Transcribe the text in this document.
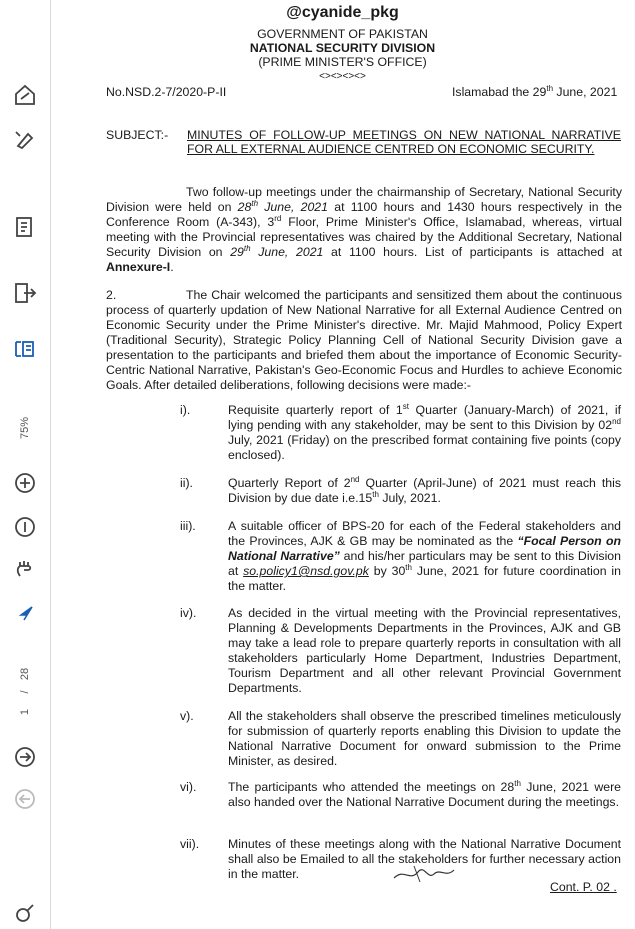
75%
28
/
1
@cyanide_pkg
GOVERNMENT OF PAKISTAN
NATIONAL SECURITY DIVISION
(PRIME MINISTER'S OFFICE)
<><><><>
No.NSD.2-7/2020-P-II	Islamabad the 29th June, 2021
SUBJECT:- MINUTES OF FOLLOW-UP MEETINGS ON NEW NATIONAL NARRATIVE
FOR ALL EXTERNAL AUDIENCE CENTRED ON ECONOMIC SECURITY.
Two follow-up meetings under the chairmanship of Secretary, National Security Division were held on 28th June, 2021 at 1100 hours and 1430 hours respectively in the Conference Room (A-343), 3rd Floor, Prime Minister's Office, Islamabad, whereas, virtual meeting with the Provincial representatives was chaired by the Additional Secretary, National Security Division on 29th June, 2021 at 1100 hours. List of participants is attached at Annexure-I.
2.	The Chair welcomed the participants and sensitized them about the continuous process of quarterly updation of New National Narrative for all External Audience Centred on Economic Security under the Prime Minister's directive. Mr. Majid Mahmood, Policy Expert (Traditional Security), Strategic Policy Planning Cell of National Security Division gave a presentation to the participants and briefed them about the importance of Economic Security-Centric National Narrative, Pakistan's Geo-Economic Focus and Hurdles to achieve Economic Goals. After detailed deliberations, following decisions were made:-
i).	Requisite quarterly report of 1st Quarter (January-March) of 2021, if lying pending with any stakeholder, may be sent to this Division by 02nd July, 2021 (Friday) on the prescribed format containing five points (copy enclosed).
ii).	Quarterly Report of 2nd Quarter (April-June) of 2021 must reach this Division by due date i.e.15th July, 2021.
iii).	A suitable officer of BPS-20 for each of the Federal stakeholders and the Provinces, AJK & GB may be nominated as the “Focal Person on National Narrative” and his/her particulars may be sent to this Division at so.policy1@nsd.gov.pk by 30th June, 2021 for future coordination in the matter.
iv).	As decided in the virtual meeting with the Provincial representatives, Planning & Developments Departments in the Provinces, AJK and GB may take a lead role to prepare quarterly reports in consultation with all stakeholders particularly Home Department, Industries Department, Tourism Department and all other relevant Provincial Government Departments.
v).	All the stakeholders shall observe the prescribed timelines meticulously for submission of quarterly reports enabling this Division to update the National Narrative Document for onward submission to the Prime Minister, as desired.
vi).	The participants who attended the meetings on 28th June, 2021 were also handed over the National Narrative Document during the meetings.
vii).	Minutes of these meetings along with the National Narrative Document shall also be Emailed to all the stakeholders for further necessary action in the matter.
Cont. P. 02 .
